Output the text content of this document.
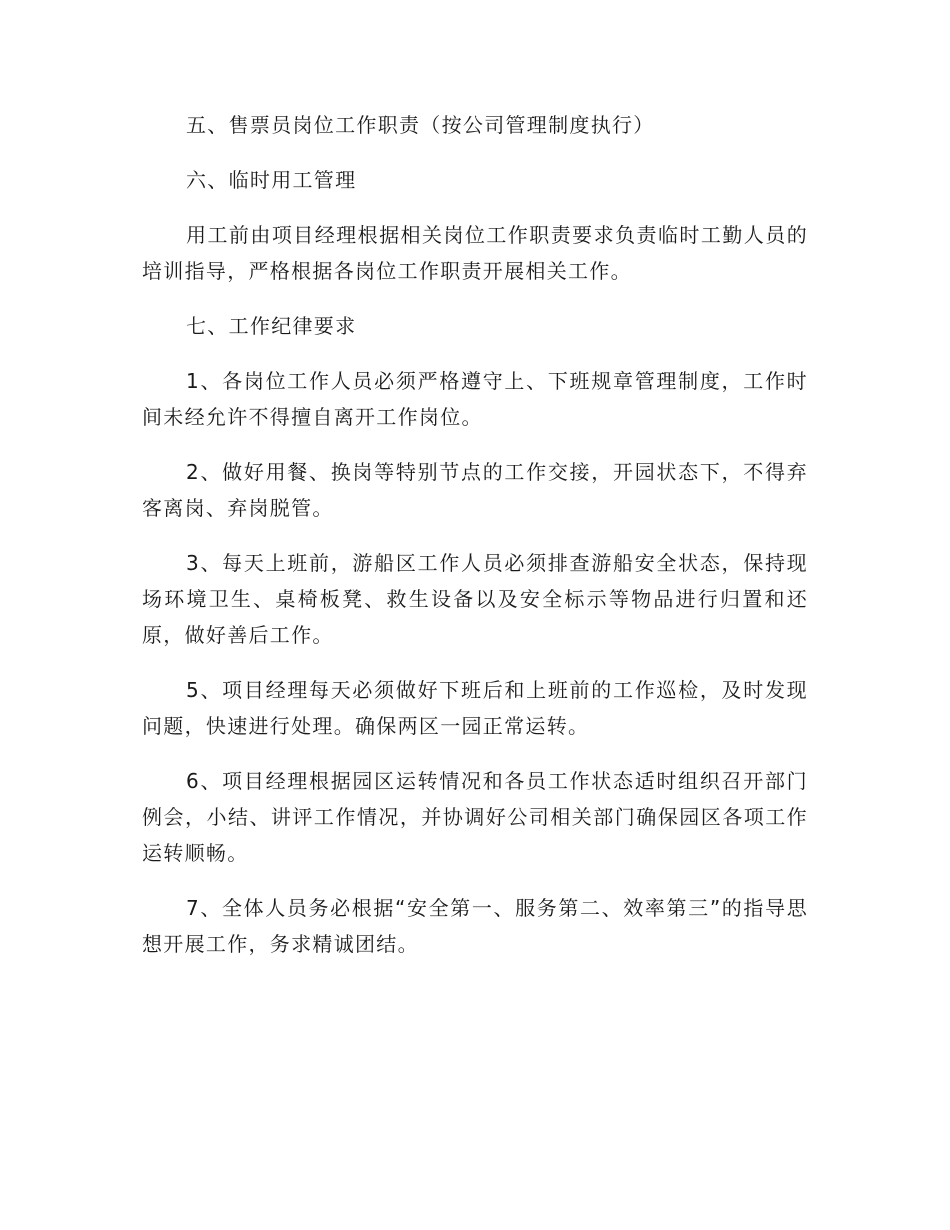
五、售票员岗位工作职责（按公司管理制度执行）

六、临时用工管理

用工前由项目经理根据相关岗位工作职责要求负责临时工勤人员的培训指导，严格根据各岗位工作职责开展相关工作。

七、工作纪律要求

1、各岗位工作人员必须严格遵守上、下班规章管理制度，工作时间未经允许不得擅自离开工作岗位。

2、做好用餐、换岗等特别节点的工作交接，开园状态下，不得弃客离岗、弃岗脱管。

3、每天上班前，游船区工作人员必须排查游船安全状态，保持现场环境卫生、桌椅板凳、救生设备以及安全标示等物品进行归置和还原，做好善后工作。

5、项目经理每天必须做好下班后和上班前的工作巡检，及时发现问题，快速进行处理。确保两区一园正常运转。

6、项目经理根据园区运转情况和各员工作状态适时组织召开部门例会，小结、讲评工作情况，并协调好公司相关部门确保园区各项工作运转顺畅。

7、全体人员务必根据“安全第一、服务第二、效率第三”的指导思想开展工作，务求精诚团结。
